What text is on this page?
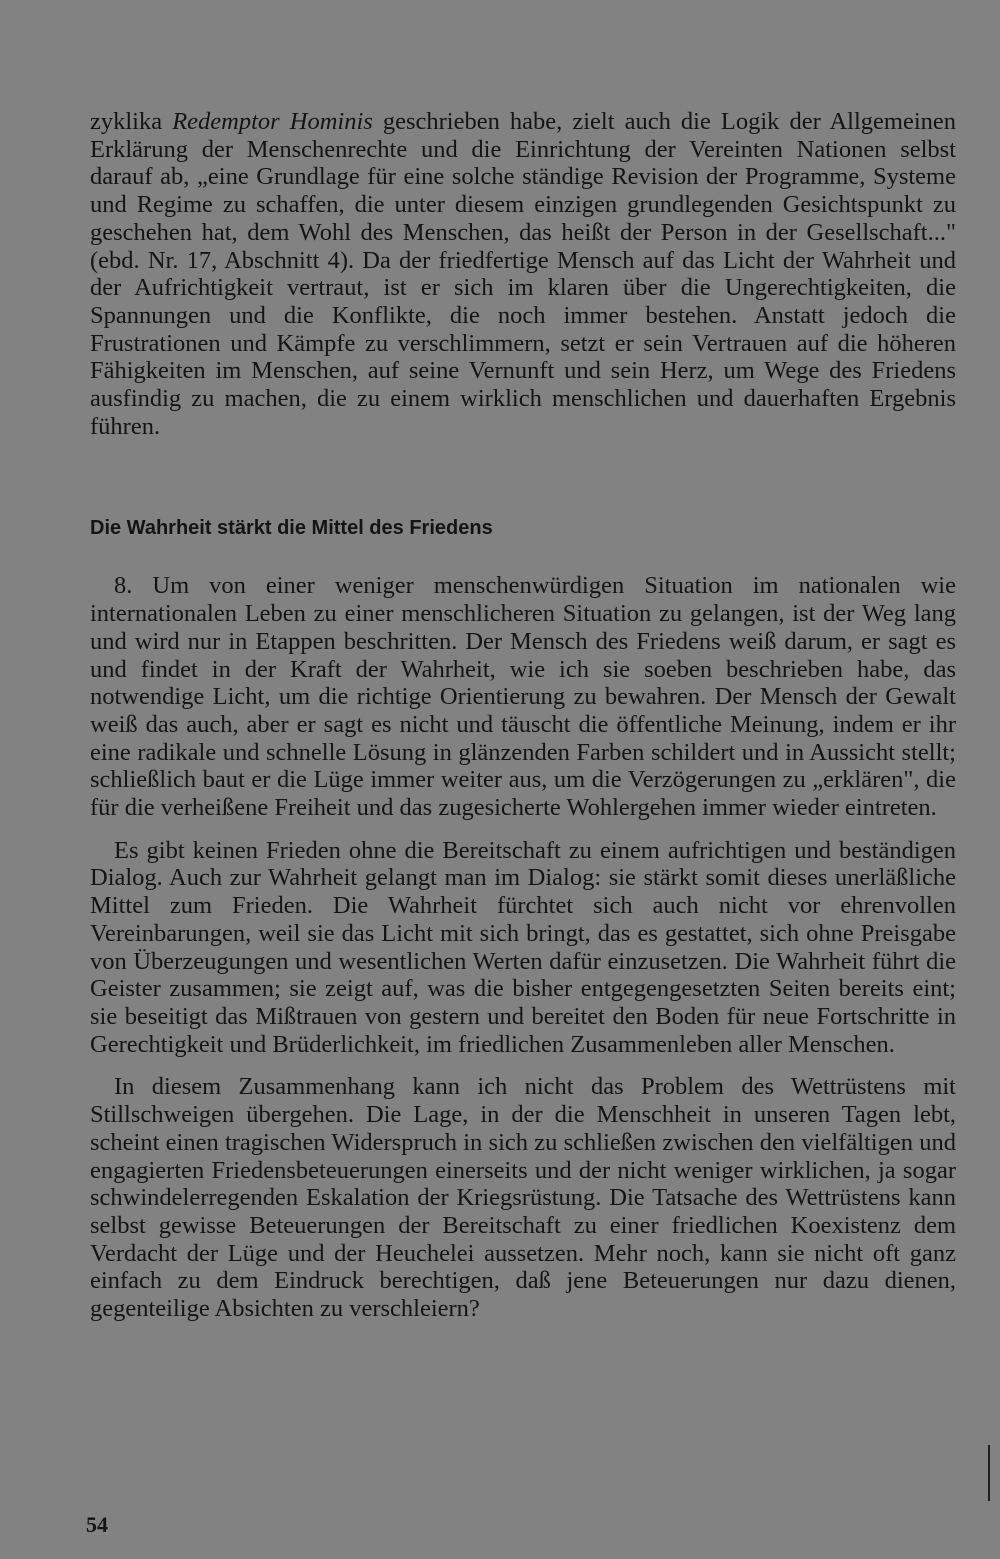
zyklika Redemptor Hominis geschrieben habe, zielt auch die Logik der Allgemeinen Erklärung der Menschenrechte und die Einrichtung der Vereinten Nationen selbst darauf ab, „eine Grundlage für eine solche ständige Revision der Programme, Systeme und Regime zu schaffen, die unter diesem einzigen grundlegenden Gesichtspunkt zu geschehen hat, dem Wohl des Menschen, das heißt der Person in der Gesellschaft..." (ebd. Nr. 17, Abschnitt 4). Da der friedfertige Mensch auf das Licht der Wahrheit und der Aufrichtigkeit vertraut, ist er sich im klaren über die Ungerechtigkeiten, die Spannungen und die Konflikte, die noch immer bestehen. Anstatt jedoch die Frustrationen und Kämpfe zu verschlimmern, setzt er sein Vertrauen auf die höheren Fähigkeiten im Menschen, auf seine Vernunft und sein Herz, um Wege des Friedens ausfindig zu machen, die zu einem wirklich menschlichen und dauerhaften Ergebnis führen.

Die Wahrheit stärkt die Mittel des Friedens

8. Um von einer weniger menschenwürdigen Situation im nationalen wie internationalen Leben zu einer menschlicheren Situation zu gelangen, ist der Weg lang und wird nur in Etappen beschritten. Der Mensch des Friedens weiß darum, er sagt es und findet in der Kraft der Wahrheit, wie ich sie soeben beschrieben habe, das notwendige Licht, um die richtige Orientierung zu bewahren. Der Mensch der Gewalt weiß das auch, aber er sagt es nicht und täuscht die öffentliche Meinung, indem er ihr eine radikale und schnelle Lösung in glänzenden Farben schildert und in Aussicht stellt; schließlich baut er die Lüge immer weiter aus, um die Verzögerungen zu „erklären", die für die verheißene Freiheit und das zugesicherte Wohlergehen immer wieder eintreten.

Es gibt keinen Frieden ohne die Bereitschaft zu einem aufrichtigen und beständigen Dialog. Auch zur Wahrheit gelangt man im Dialog: sie stärkt somit dieses unerläßliche Mittel zum Frieden. Die Wahrheit fürchtet sich auch nicht vor ehrenvollen Vereinbarungen, weil sie das Licht mit sich bringt, das es gestattet, sich ohne Preisgabe von Überzeugungen und wesentlichen Werten dafür einzusetzen. Die Wahrheit führt die Geister zusammen; sie zeigt auf, was die bisher entgegengesetzten Seiten bereits eint; sie beseitigt das Mißtrauen von gestern und bereitet den Boden für neue Fortschritte in Gerechtigkeit und Brüderlichkeit, im friedlichen Zusammenleben aller Menschen.

In diesem Zusammenhang kann ich nicht das Problem des Wettrüstens mit Stillschweigen übergehen. Die Lage, in der die Menschheit in unseren Tagen lebt, scheint einen tragischen Widerspruch in sich zu schließen zwischen den vielfältigen und engagierten Friedensbeteuerungen einerseits und der nicht weniger wirklichen, ja sogar schwindelerregenden Eskalation der Kriegsrüstung. Die Tatsache des Wettrüstens kann selbst gewisse Beteuerungen der Bereitschaft zu einer friedlichen Koexistenz dem Verdacht der Lüge und der Heuchelei aussetzen. Mehr noch, kann sie nicht oft ganz einfach zu dem Eindruck berechtigen, daß jene Beteuerungen nur dazu dienen, gegenteilige Absichten zu verschleiern?

54
